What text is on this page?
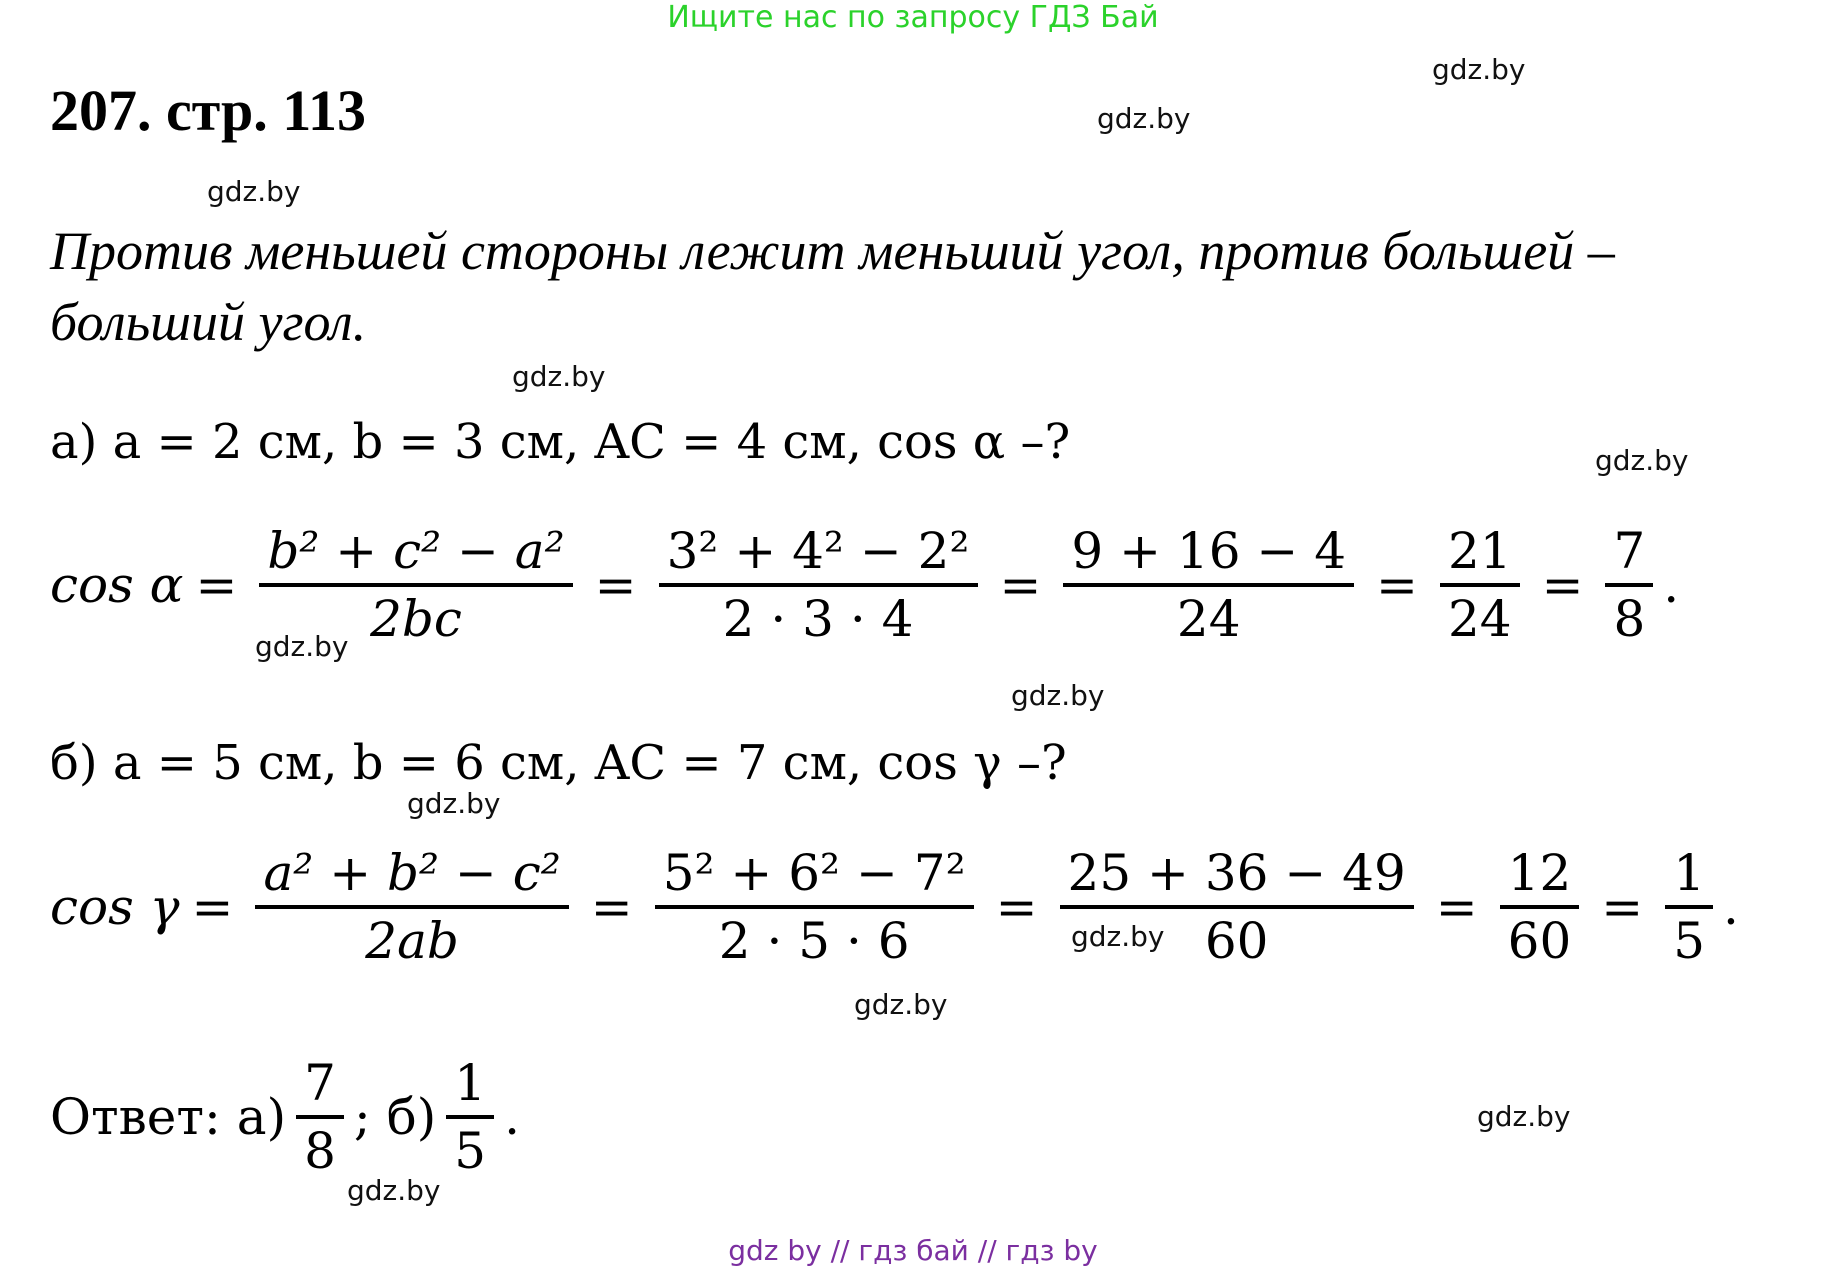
Ищите нас по запросу ГДЗ Бай
gdz.by
gdz.by
gdz.by
gdz.by
gdz.by
gdz.by
gdz.by
gdz.by
gdz.by
gdz.by
gdz.by
gdz.by
207. стр. 113
Против меньшей стороны лежит меньший угол, против большей –
больший угол.
а) a = 2 см, b = 3 см, AC = 4 см, cos α –?
$\cos \alpha = \frac{\text{b² + c² − a²}}{2bc} = \frac{\text{3² + 4² − 2²}}{2 \cdot 3 \cdot 4} = \frac{9 + 16 - 4}{24} = \frac{21}{24} = \frac{7}{8}$ .
б) a = 5 см, b = 6 см, AC = 7 см, cos γ –?
$\cos \gamma = \frac{\text{a² + b² − c²}}{2ab} = \frac{\text{5² + 6² − 7²}}{2 \cdot 5 \cdot 6} = \frac{25 + 36 - 49}{60} = \frac{12}{60} = \frac{1}{5}$ .
Ответ: $а) \frac{7}{8}$ ; $б) \frac{1}{5}$ .
gdz by // гдз бай // гдз by
